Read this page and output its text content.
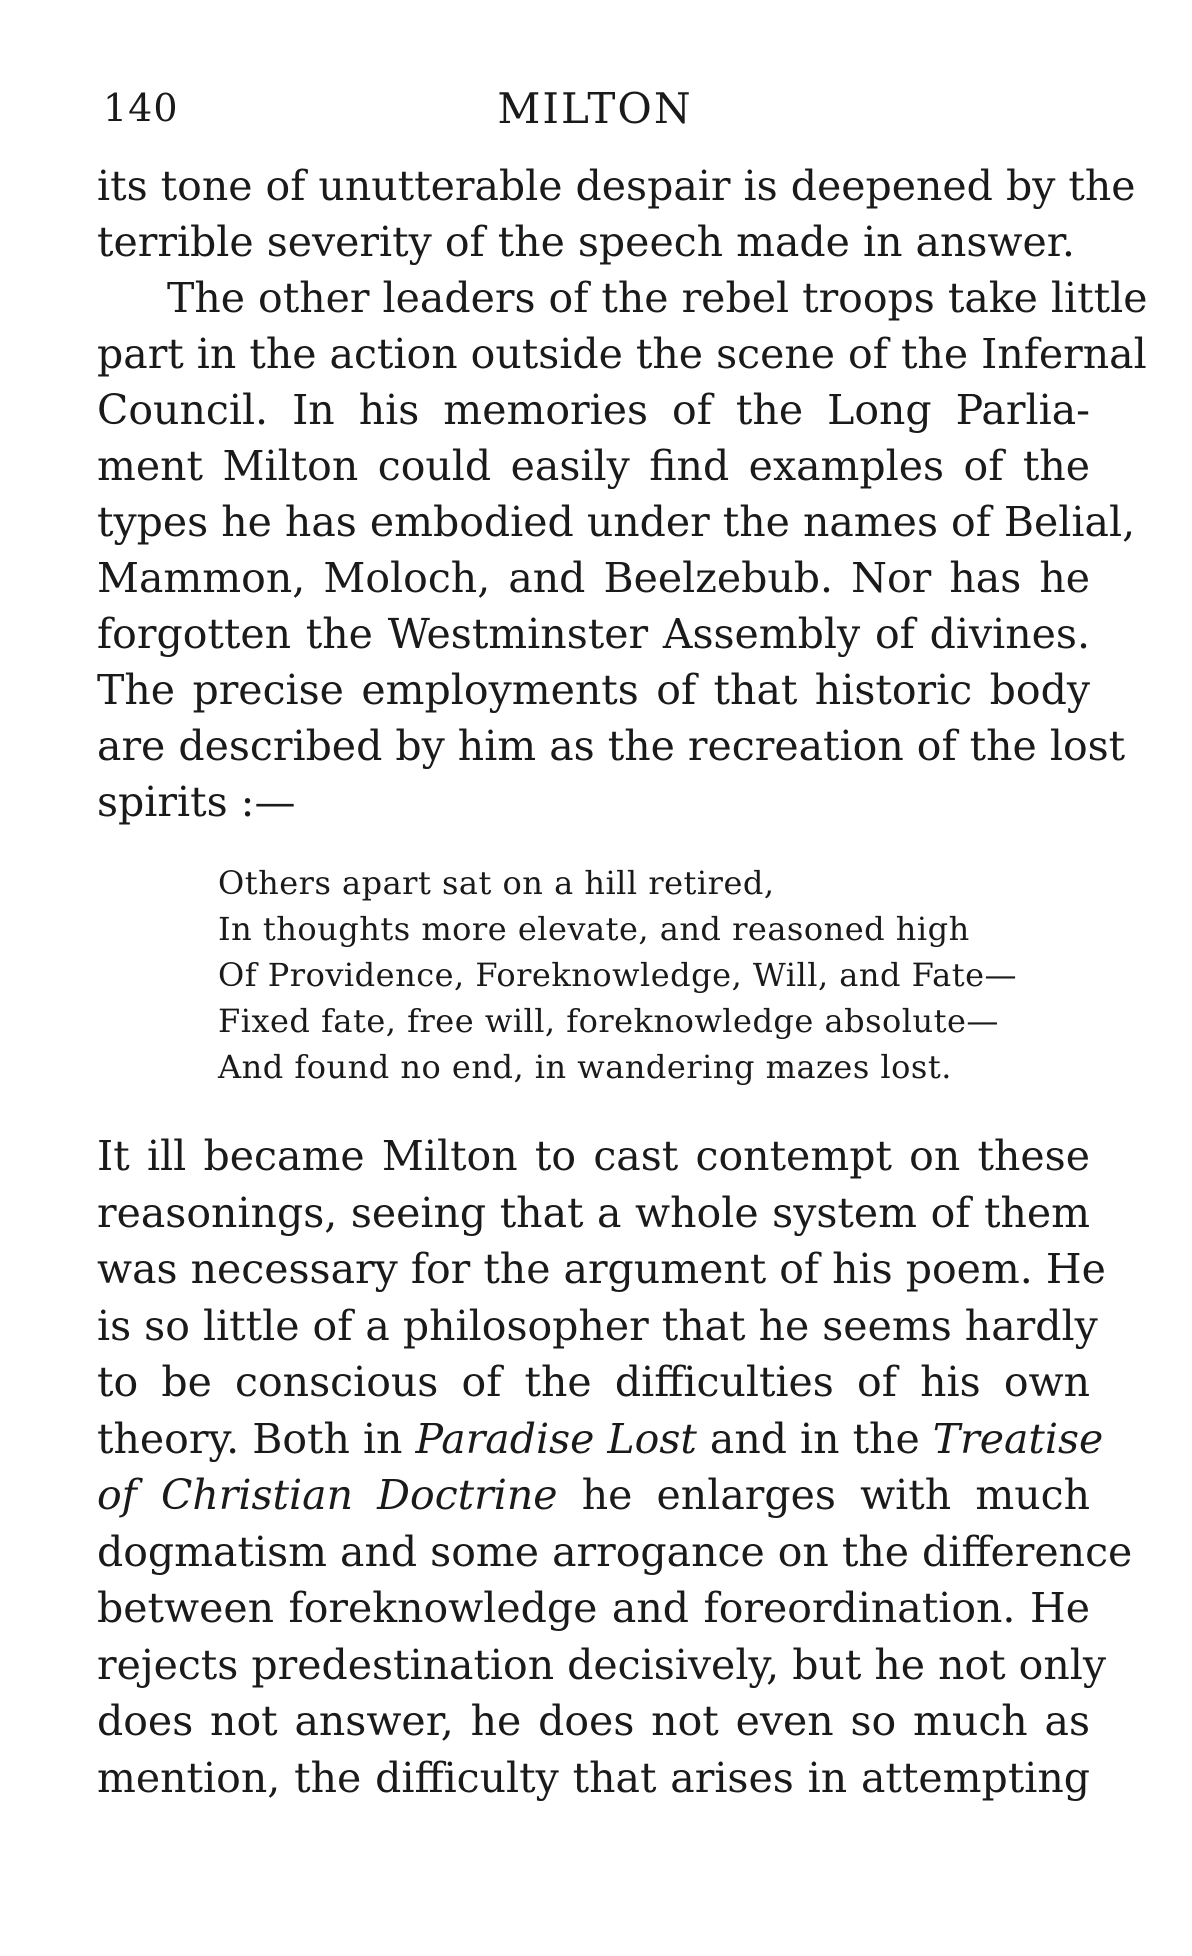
140	MILTON
its tone of unutterable despair is deepened by the
terrible severity of the speech made in answer.
The other leaders of the rebel troops take little
part in the action outside the scene of the Infernal
Council. In his memories of the Long Parlia-
ment Milton could easily find examples of the
types he has embodied under the names of Belial,
Mammon, Moloch, and Beelzebub. Nor has he
forgotten the Westminster Assembly of divines.
The precise employments of that historic body
are described by him as the recreation of the lost
spirits :—
Others apart sat on a hill retired,
In thoughts more elevate, and reasoned high
Of Providence, Foreknowledge, Will, and Fate—
Fixed fate, free will, foreknowledge absolute—
And found no end, in wandering mazes lost.
It ill became Milton to cast contempt on these
reasonings, seeing that a whole system of them
was necessary for the argument of his poem. He
is so little of a philosopher that he seems hardly
to be conscious of the difficulties of his own
theory. Both in Paradise Lost and in the Treatise
of Christian Doctrine he enlarges with much
dogmatism and some arrogance on the difference
between foreknowledge and foreordination. He
rejects predestination decisively, but he not only
does not answer, he does not even so much as
mention, the difficulty that arises in attempting
